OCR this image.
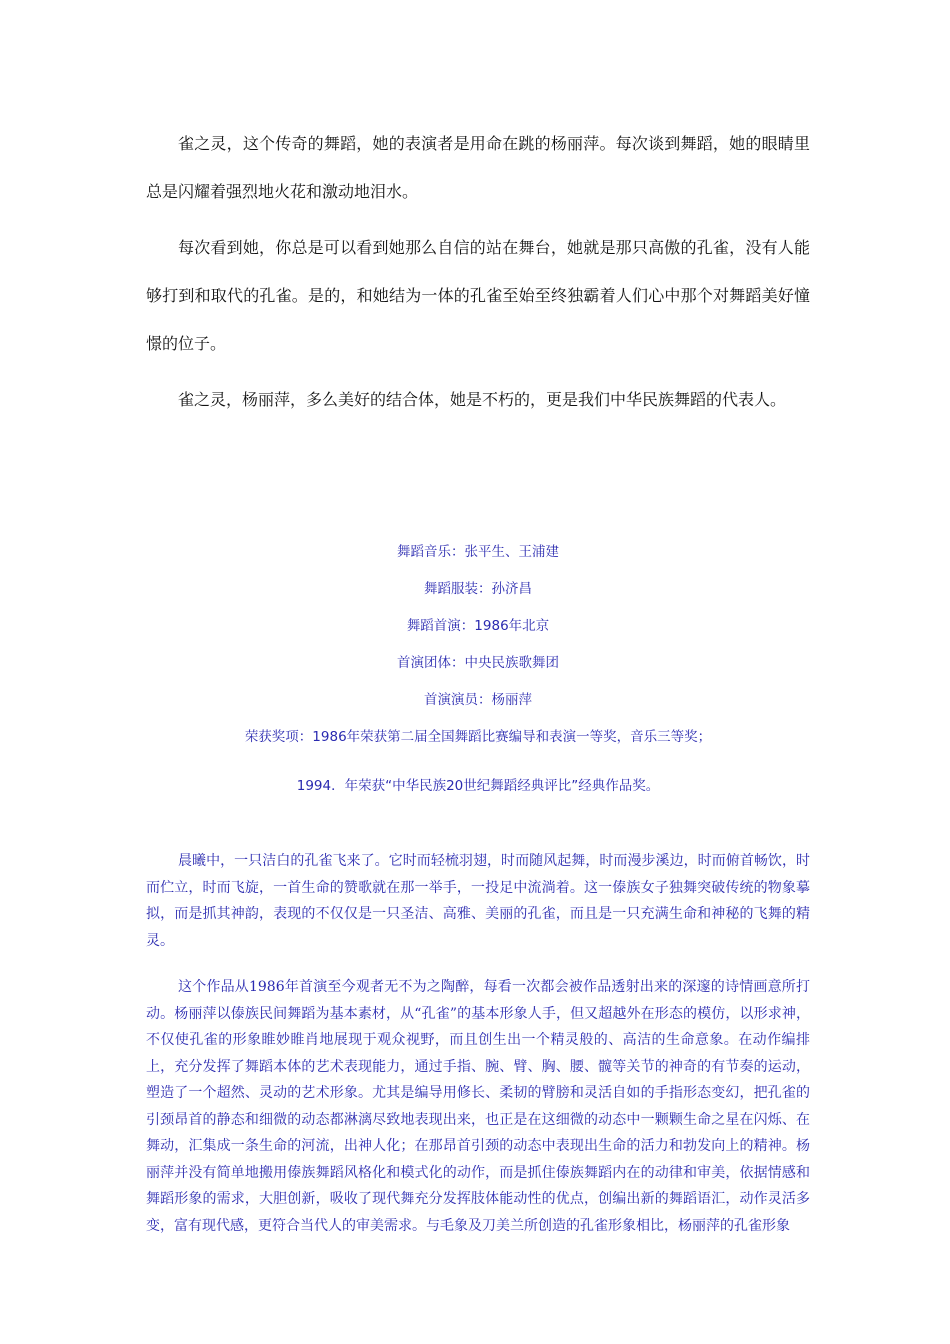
雀之灵，这个传奇的舞蹈，她的表演者是用命在跳的杨丽萍。每次谈到舞蹈，她的眼睛里总是闪耀着强烈地火花和激动地泪水。

每次看到她，你总是可以看到她那么自信的站在舞台，她就是那只高傲的孔雀，没有人能够打到和取代的孔雀。是的，和她结为一体的孔雀至始至终独霸着人们心中那个对舞蹈美好憧憬的位子。

雀之灵，杨丽萍，多么美好的结合体，她是不朽的，更是我们中华民族舞蹈的代表人。

舞蹈音乐：张平生、王浦建
舞蹈服装：孙济昌
舞蹈首演：1986年北京
首演团体：中央民族歌舞团
首演演员：杨丽萍
荣获奖项：1986年荣获第二届全国舞蹈比赛编导和表演一等奖，音乐三等奖；
1994．年荣获“中华民族20世纪舞蹈经典评比”经典作品奖。

晨曦中，一只洁白的孔雀飞来了。它时而轻梳羽翅，时而随风起舞，时而漫步溪边，时而俯首畅饮，时而伫立，时而飞旋，一首生命的赞歌就在那一举手，一投足中流淌着。这一傣族女子独舞突破传统的物象摹拟，而是抓其神韵，表现的不仅仅是一只圣洁、高雅、美丽的孔雀，而且是一只充满生命和神秘的飞舞的精灵。

这个作品从1986年首演至今观者无不为之陶醉，每看一次都会被作品透射出来的深邃的诗情画意所打动。杨丽萍以傣族民间舞蹈为基本素材，从“孔雀”的基本形象人手，但又超越外在形态的模仿，以形求神，不仅使孔雀的形象睢妙睢肖地展现于观众视野，而且创生出一个精灵般的、高洁的生命意象。在动作编排上，充分发挥了舞蹈本体的艺术表现能力，通过手指、腕、臂、胸、腰、髋等关节的神奇的有节奏的运动，塑造了一个超然、灵动的艺术形象。尤其是编导用修长、柔韧的臂膀和灵活自如的手指形态变幻，把孔雀的引颈昂首的静态和细微的动态都淋漓尽致地表现出来，也正是在这细微的动态中一颗颗生命之星在闪烁、在舞动，汇集成一条生命的河流，出神人化；在那昂首引颈的动态中表现出生命的活力和勃发向上的精神。杨丽萍并没有简单地搬用傣族舞蹈风格化和模式化的动作，而是抓住傣族舞蹈内在的动律和审美，依据情感和舞蹈形象的需求，大胆创新，吸收了现代舞充分发挥肢体能动性的优点，创编出新的舞蹈语汇，动作灵活多变，富有现代感，更符合当代人的审美需求。与毛象及刀美兰所创造的孔雀形象相比，杨丽萍的孔雀形象
